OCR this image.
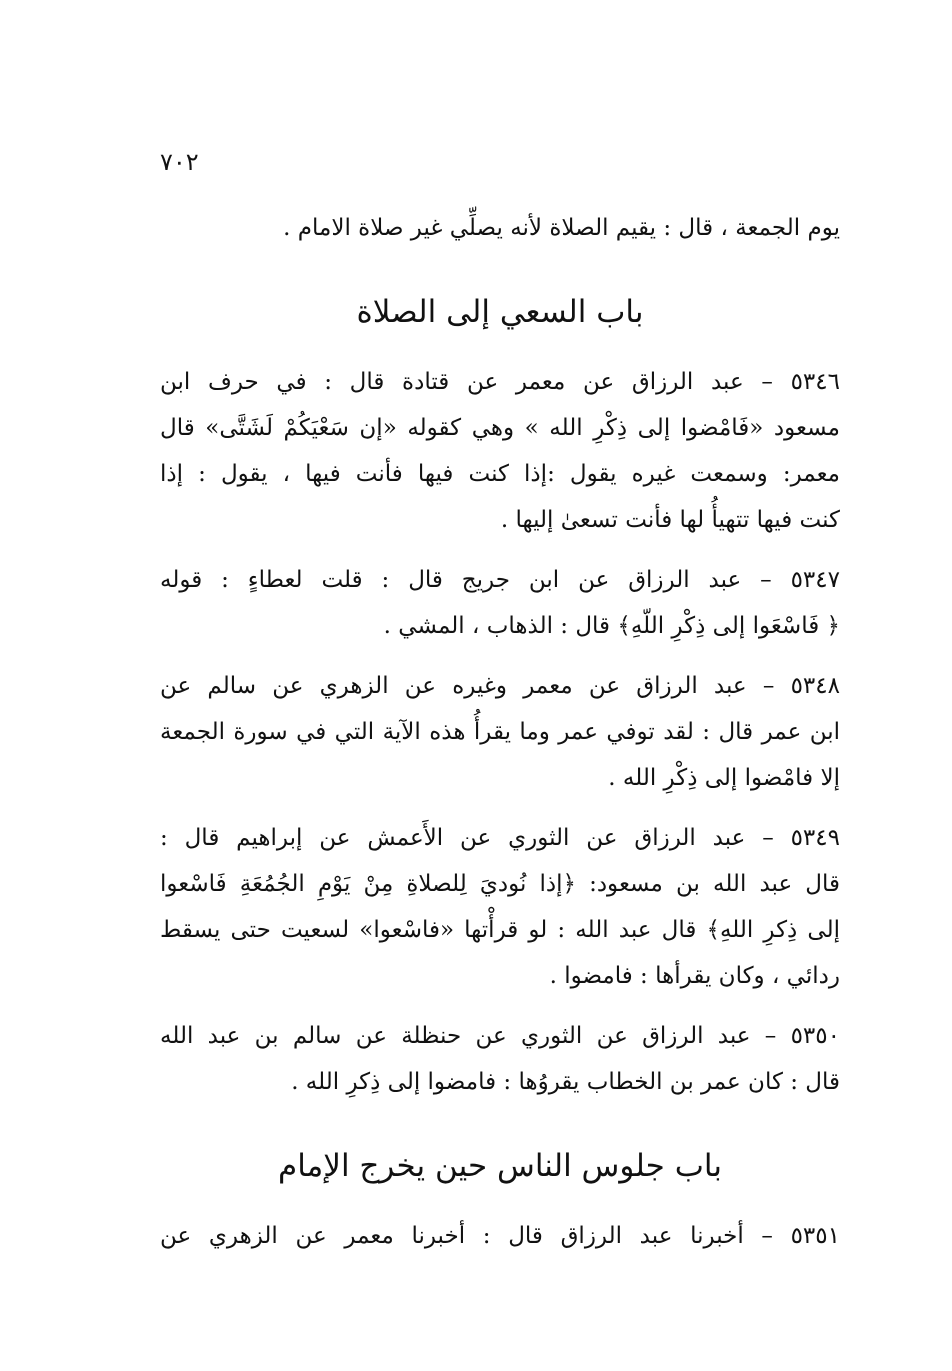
٢٠٧

يوم الجمعة ، قال : يقيم الصلاة لأنه يصلِّي غير صلاة الامام .

باب السعي إلى الصلاة

٥٣٤٦ – عبد الرزاق عن معمر عن قتادة قال : في حرف ابن
مسعود «فَامْضوا إلى ذِكْرِ الله » وهي كقوله «إن سَعْيَكُمْ لَشَتَّى» قال
معمر: وسمعت غيره يقول :إذا كنت فيها فأنت فيها ، يقول : إذا
كنت فيها تتهيأُ لها فأنت تسعىٰ إليها .

٥٣٤٧ – عبد الرزاق عن ابن جريج قال : قلت لعطاءٍ : قوله
﴿ فَاسْعَوا إلى ذِكْرِ اللّهِ﴾ قال : الذهاب ، المشي .

٥٣٤٨ – عبد الرزاق عن معمر وغيره عن الزهري عن سالم عن
ابن عمر قال : لقد توفي عمر وما يقرأُ هذه الآية التي في سورة الجمعة
إلا فامْضوا إلى ذِكْرِ الله .

٥٣٤٩ – عبد الرزاق عن الثوري عن الأَعمش عن إبراهيم قال :
قال عبد الله بن مسعود: ﴿إذا نُوديَ لِلصلاةِ مِنْ يَوْمِ الجُمُعَةِ فَاسْعوا
إلى ذِكرِ اللهِ﴾ قال عبد الله : لو قرأْتها «فاسْعوا» لسعيت حتى يسقط
ردائي ، وكان يقرأها : فامضوا .

٥٣٥٠ – عبد الرزاق عن الثوري عن حنظلة عن سالم بن عبد الله
قال : كان عمر بن الخطاب يقروُها : فامضوا إلى ذِكرِ الله .

باب جلوس الناس حين يخرج الإمام

٥٣٥١ – أخبرنا عبد الرزاق قال : أخبرنا معمر عن الزهري عن
